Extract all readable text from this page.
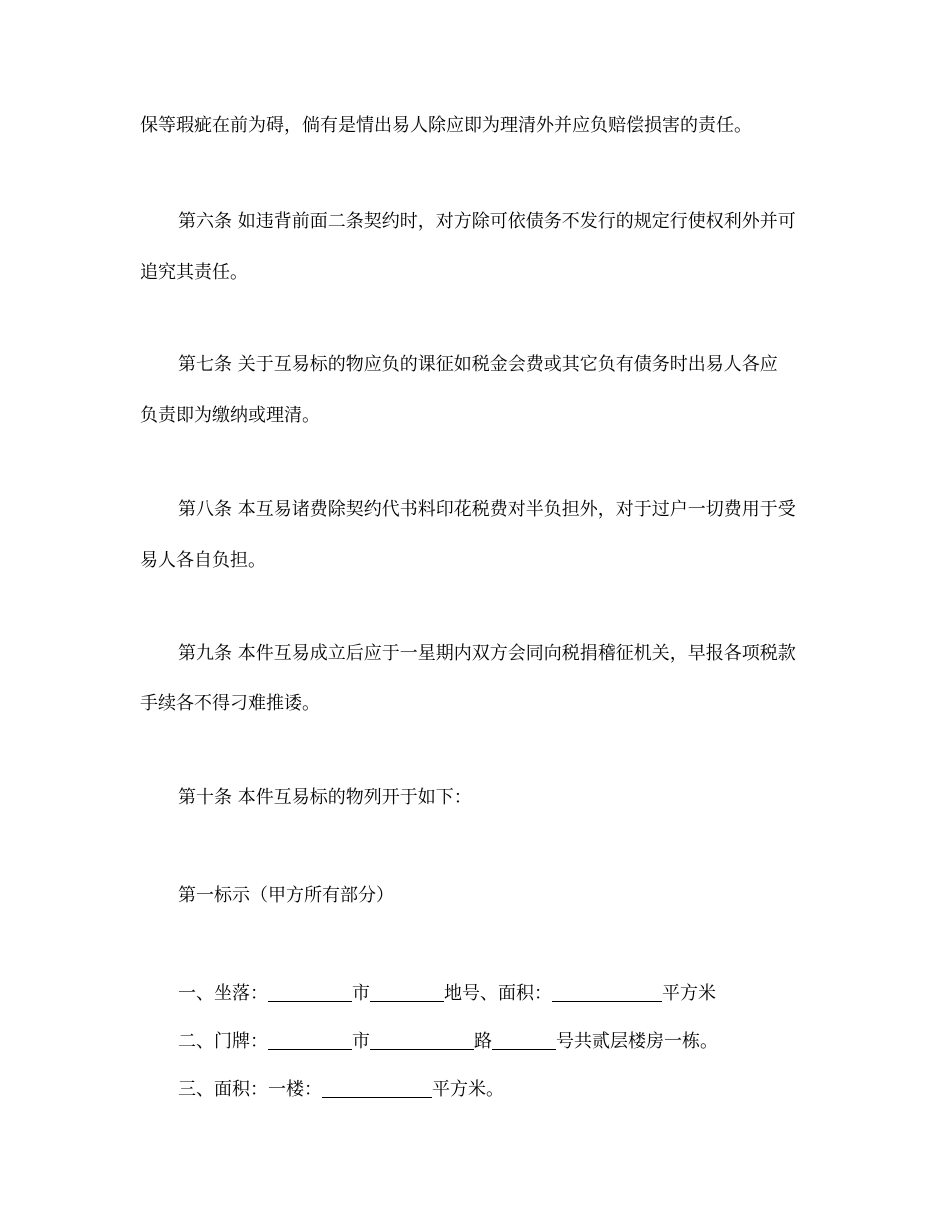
保等瑕疵在前为碍，倘有是情出易人除应即为理清外并应负赔偿损害的责任。
第六条 如违背前面二条契约时，对方除可依债务不发行的规定行使权利外并可
追究其责任。
第七条 关于互易标的物应负的课征如税金会费或其它负有债务时出易人各应
负责即为缴纳或理清。
第八条 本互易诸费除契约代书料印花税费对半负担外，对于过户一切费用于受
易人各自负担。
第九条 本件互易成立后应于一星期内双方会同向税捐稽征机关，早报各项税款
手续各不得刁难推诿。
第十条 本件互易标的物列开于如下：
第一标示（甲方所有部分）
一、坐落：	市	地号、面积：	平方米
二、门牌：	市	路	号共贰层楼房一栋。
三、面积：一楼：	平方米。
